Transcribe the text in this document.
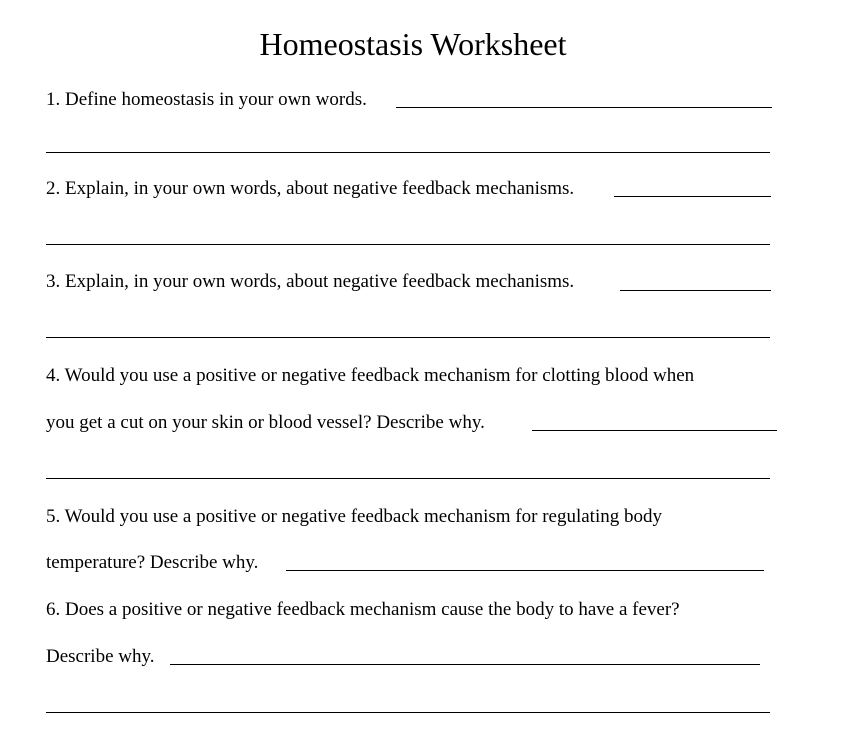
Homeostasis Worksheet
1. Define homeostasis in your own words.
2. Explain, in your own words, about negative feedback mechanisms.
3. Explain, in your own words, about negative feedback mechanisms.
4. Would you use a positive or negative feedback mechanism for clotting blood when
you get a cut on your skin or blood vessel? Describe why.
5. Would you use a positive or negative feedback mechanism for regulating body
temperature? Describe why.
6. Does a positive or negative feedback mechanism cause the body to have a fever?
Describe why.
